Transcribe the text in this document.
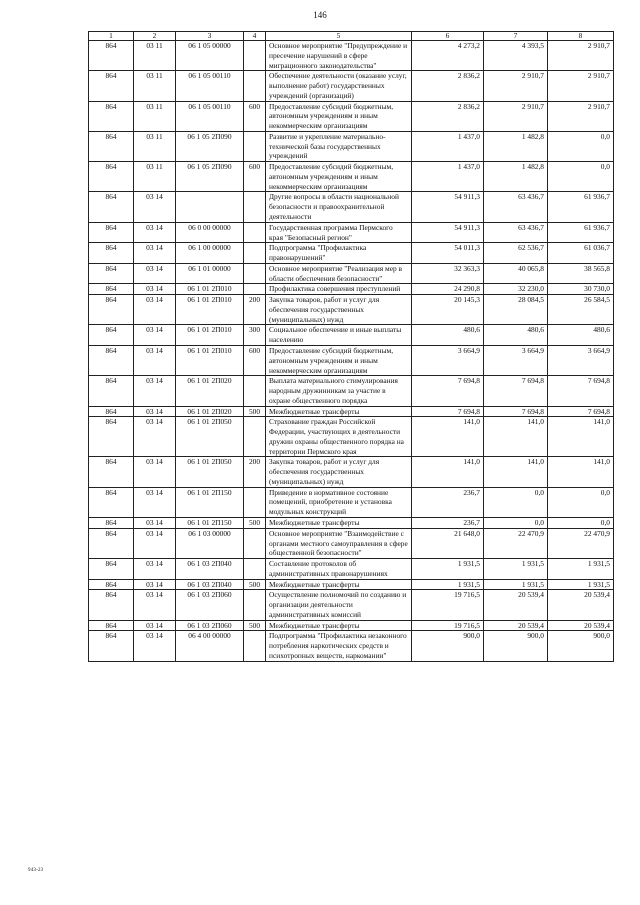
146
1	2	3	4	5	6	7	8
864	03 11	06 1 05 00000		Основное мероприятие "Предупреждение и пресечение нарушений в сфере миграционного законодательства"	4 273,2	4 393,5	2 910,7
864	03 11	06 1 05 00110		Обеспечение деятельности (оказание услуг, выполнение работ) государственных учреждений (организаций)	2 836,2	2 910,7	2 910,7
864	03 11	06 1 05 00110	600	Предоставление субсидий бюджетным, автономным учреждениям и иным некоммерческим организациям	2 836,2	2 910,7	2 910,7
864	03 11	06 1 05 2П090		Развитие и укрепление материально-технической базы государственных учреждений	1 437,0	1 482,8	0,0
864	03 11	06 1 05 2П090	600	Предоставление субсидий бюджетным, автономным учреждениям и иным некоммерческим организациям	1 437,0	1 482,8	0,0
864	03 14			Другие вопросы в области национальной безопасности и правоохранительной деятельности	54 911,3	63 436,7	61 936,7
864	03 14	06 0 00 00000		Государственная программа Пермского края "Безопасный регион"	54 911,3	63 436,7	61 936,7
864	03 14	06 1 00 00000		Подпрограмма "Профилактика правонарушений"	54 011,3	62 536,7	61 036,7
864	03 14	06 1 01 00000		Основное мероприятие "Реализация мер в области обеспечения безопасности"	32 363,3	40 065,8	38 565,8
864	03 14	06 1 01 2П010		Профилактика совершения преступлений	24 290,8	32 230,0	30 730,0
864	03 14	06 1 01 2П010	200	Закупка товаров, работ и услуг для обеспечения государственных (муниципальных) нужд	20 145,3	28 084,5	26 584,5
864	03 14	06 1 01 2П010	300	Социальное обеспечение и иные выплаты населению	480,6	480,6	480,6
864	03 14	06 1 01 2П010	600	Предоставление субсидий бюджетным, автономным учреждениям и иным некоммерческим организациям	3 664,9	3 664,9	3 664,9
864	03 14	06 1 01 2П020		Выплата материального стимулирования народным дружинникам за участие в охране общественного порядка	7 694,8	7 694,8	7 694,8
864	03 14	06 1 01 2П020	500	Межбюджетные трансферты	7 694,8	7 694,8	7 694,8
864	03 14	06 1 01 2П050		Страхование граждан Российской Федерации, участвующих в деятельности дружин охраны общественного порядка на территории Пермского края	141,0	141,0	141,0
864	03 14	06 1 01 2П050	200	Закупка товаров, работ и услуг для обеспечения государственных (муниципальных) нужд	141,0	141,0	141,0
864	03 14	06 1 01 2П150		Приведение в нормативное состояние помещений, приобретение и установка модульных конструкций	236,7	0,0	0,0
864	03 14	06 1 01 2П150	500	Межбюджетные трансферты	236,7	0,0	0,0
864	03 14	06 1 03 00000		Основное мероприятие "Взаимодействие с органами местного самоуправления в сфере общественной безопасности"	21 648,0	22 470,9	22 470,9
864	03 14	06 1 03 2П040		Составление протоколов об административных правонарушениях	1 931,5	1 931,5	1 931,5
864	03 14	06 1 03 2П040	500	Межбюджетные трансферты	1 931,5	1 931,5	1 931,5
864	03 14	06 1 03 2П060		Осуществление полномочий по созданию и организации деятельности административных комиссий	19 716,5	20 539,4	20 539,4
864	03 14	06 1 03 2П060	500	Межбюджетные трансферты	19 716,5	20 539,4	20 539,4
864	03 14	06 4 00 00000		Подпрограмма "Профилактика незаконного потребления наркотических средств и психотропных веществ, наркомании"	900,0	900,0	900,0
943-23
